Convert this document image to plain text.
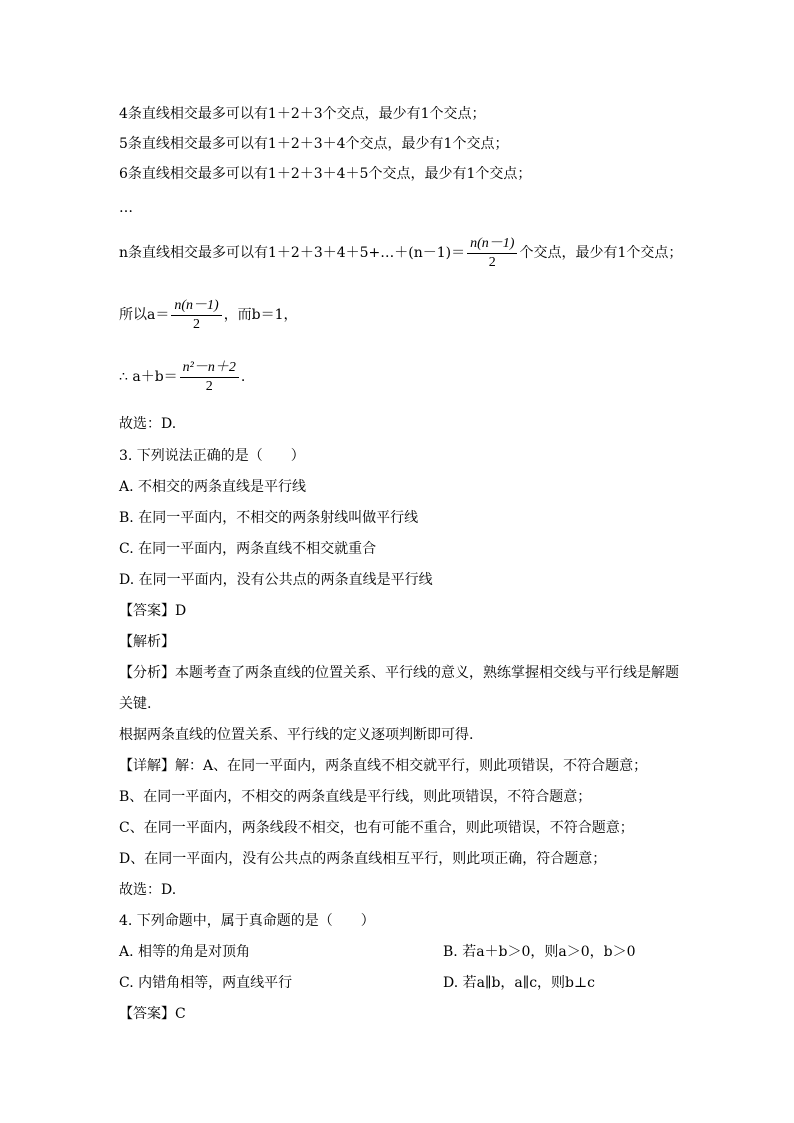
4条直线相交最多可以有1＋2＋3个交点，最少有1个交点；
5条直线相交最多可以有1＋2＋3＋4个交点，最少有1个交点；
6条直线相交最多可以有1＋2＋3＋4＋5个交点，最少有1个交点；
…
n条直线相交最多可以有1＋2＋3＋4＋5+…＋(n－1)＝ $\frac{n(n-1)}{2}$ 个交点，最少有1个交点；
所以$a= \frac{n(n-1)}{2}$ ，而b＝1，
∴ $a+b= \frac{\text{n²－n＋2}}{2}$ .
故选：D.
3. 下列说法正确的是（　　）
A. 不相交的两条直线是平行线
B. 在同一平面内，不相交的两条射线叫做平行线
C. 在同一平面内，两条直线不相交就重合
D. 在同一平面内，没有公共点的两条直线是平行线
【答案】D
【解析】
【分析】本题考查了两条直线的位置关系、平行线的意义，熟练掌握相交线与平行线是解题
关键.
根据两条直线的位置关系、平行线的定义逐项判断即可得.
【详解】解：A、在同一平面内，两条直线不相交就平行，则此项错误，不符合题意；
B、在同一平面内，不相交的两条直线是平行线，则此项错误，不符合题意；
C、在同一平面内，两条线段不相交，也有可能不重合，则此项错误，不符合题意；
D、在同一平面内，没有公共点的两条直线相互平行，则此项正确，符合题意；
故选：D.
4. 下列命题中，属于真命题的是（　　）
A. 相等的角是对顶角	B. 若a＋b＞0，则a＞0，b＞0
C. 内错角相等，两直线平行	D. 若a∥b，a∥c，则b⊥c
【答案】C
